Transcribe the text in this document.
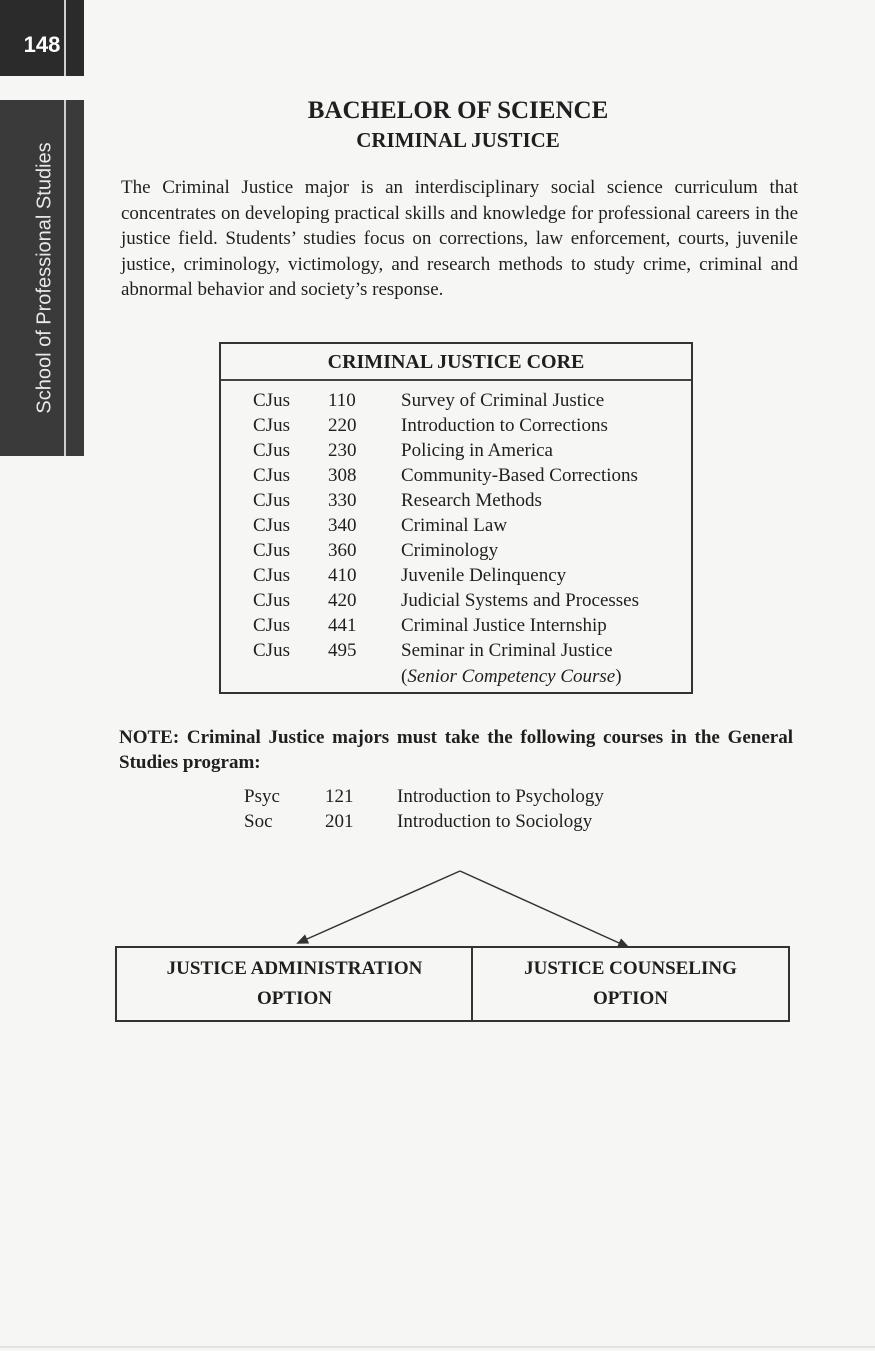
148
School of Professional Studies

BACHELOR OF SCIENCE

CRIMINAL JUSTICE

The Criminal Justice major is an interdisciplinary social science curriculum that concentrates on developing practical skills and knowledge for professional careers in the justice field. Students’ studies focus on corrections, law enforcement, courts, juvenile justice, criminology, victimology, and research methods to study crime, criminal and abnormal behavior and society’s response.

CRIMINAL JUSTICE CORE
CJus 110 Survey of Criminal Justice
CJus 220 Introduction to Corrections
CJus 230 Policing in America
CJus 308 Community-Based Corrections
CJus 330 Research Methods
CJus 340 Criminal Law
CJus 360 Criminology
CJus 410 Juvenile Delinquency
CJus 420 Judicial Systems and Processes
CJus 441 Criminal Justice Internship
CJus 495 Seminar in Criminal Justice
(Senior Competency Course)

NOTE: Criminal Justice majors must take the following courses in the General Studies program:

Psyc 121 Introduction to Psychology
Soc	201 Introduction to Sociology
JUSTICE ADMINISTRATION
OPTION
JUSTICE COUNSELING
OPTION
